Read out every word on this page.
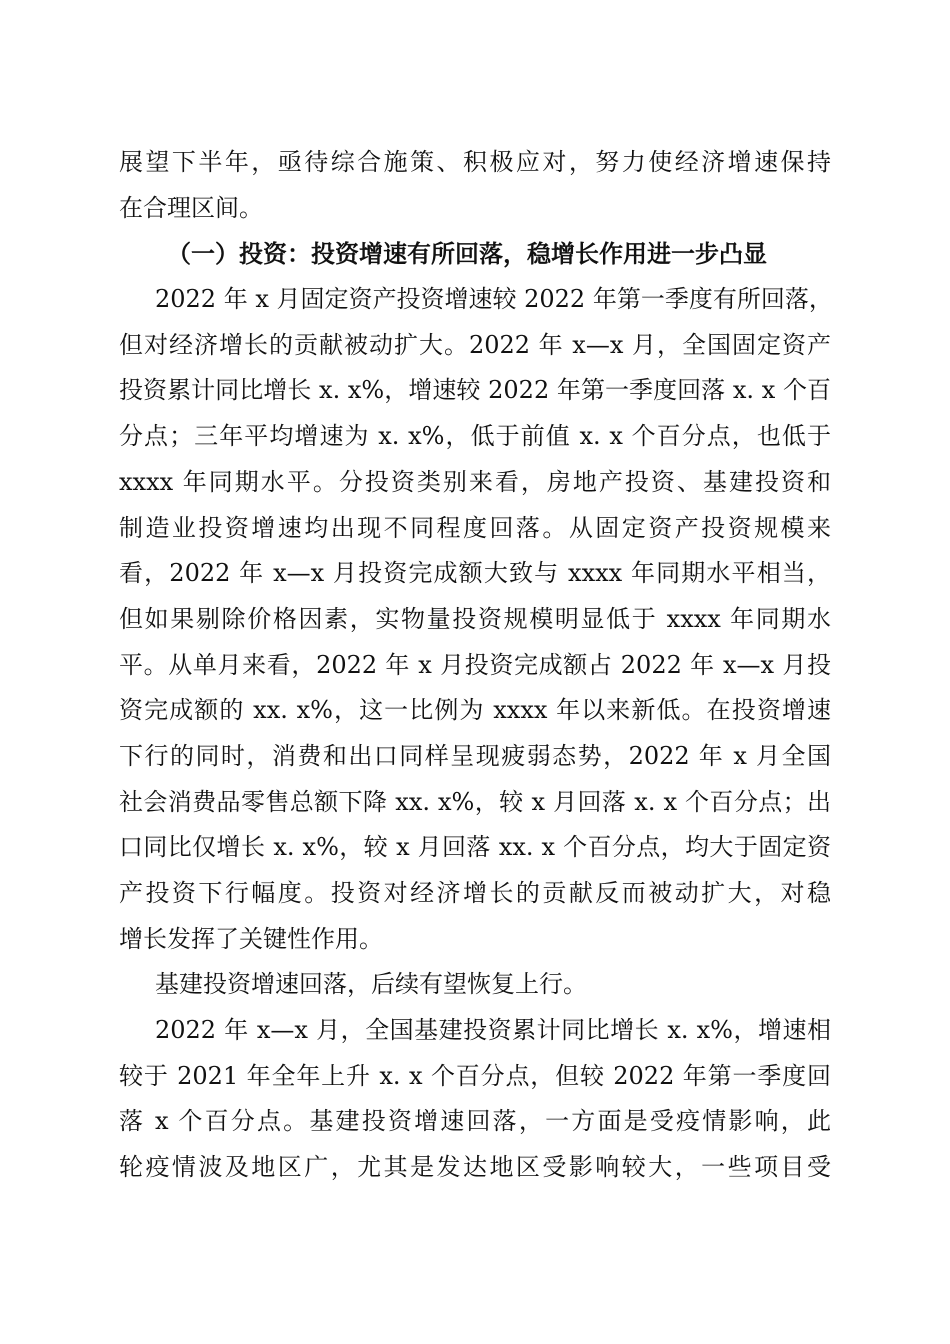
展望下半年，亟待综合施策、积极应对，努力使经济增速保持
在合理区间。
（一）投资：投资增速有所回落，稳增长作用进一步凸显
2022 年 x 月固定资产投资增速较 2022 年第一季度有所回落，
但对经济增长的贡献被动扩大。2022 年 x—x 月，全国固定资产
投资累计同比增长 x. x%，增速较 2022 年第一季度回落 x. x 个百
分点；三年平均增速为 x. x%，低于前值 x. x 个百分点，也低于
xxxx 年同期水平。分投资类别来看，房地产投资、基建投资和
制造业投资增速均出现不同程度回落。从固定资产投资规模来
看，2022 年 x—x 月投资完成额大致与 xxxx 年同期水平相当，
但如果剔除价格因素，实物量投资规模明显低于 xxxx 年同期水
平。从单月来看，2022 年 x 月投资完成额占 2022 年 x—x 月投
资完成额的 xx. x%，这一比例为 xxxx 年以来新低。在投资增速
下行的同时，消费和出口同样呈现疲弱态势，2022 年 x 月全国
社会消费品零售总额下降 xx. x%，较 x 月回落 x. x 个百分点；出
口同比仅增长 x. x%，较 x 月回落 xx. x 个百分点，均大于固定资
产投资下行幅度。投资对经济增长的贡献反而被动扩大，对稳
增长发挥了关键性作用。
基建投资增速回落，后续有望恢复上行。
2022 年 x—x 月，全国基建投资累计同比增长 x. x%，增速相
较于 2021 年全年上升 x. x 个百分点，但较 2022 年第一季度回
落 x 个百分点。基建投资增速回落，一方面是受疫情影响，此
轮疫情波及地区广，尤其是发达地区受影响较大，一些项目受
